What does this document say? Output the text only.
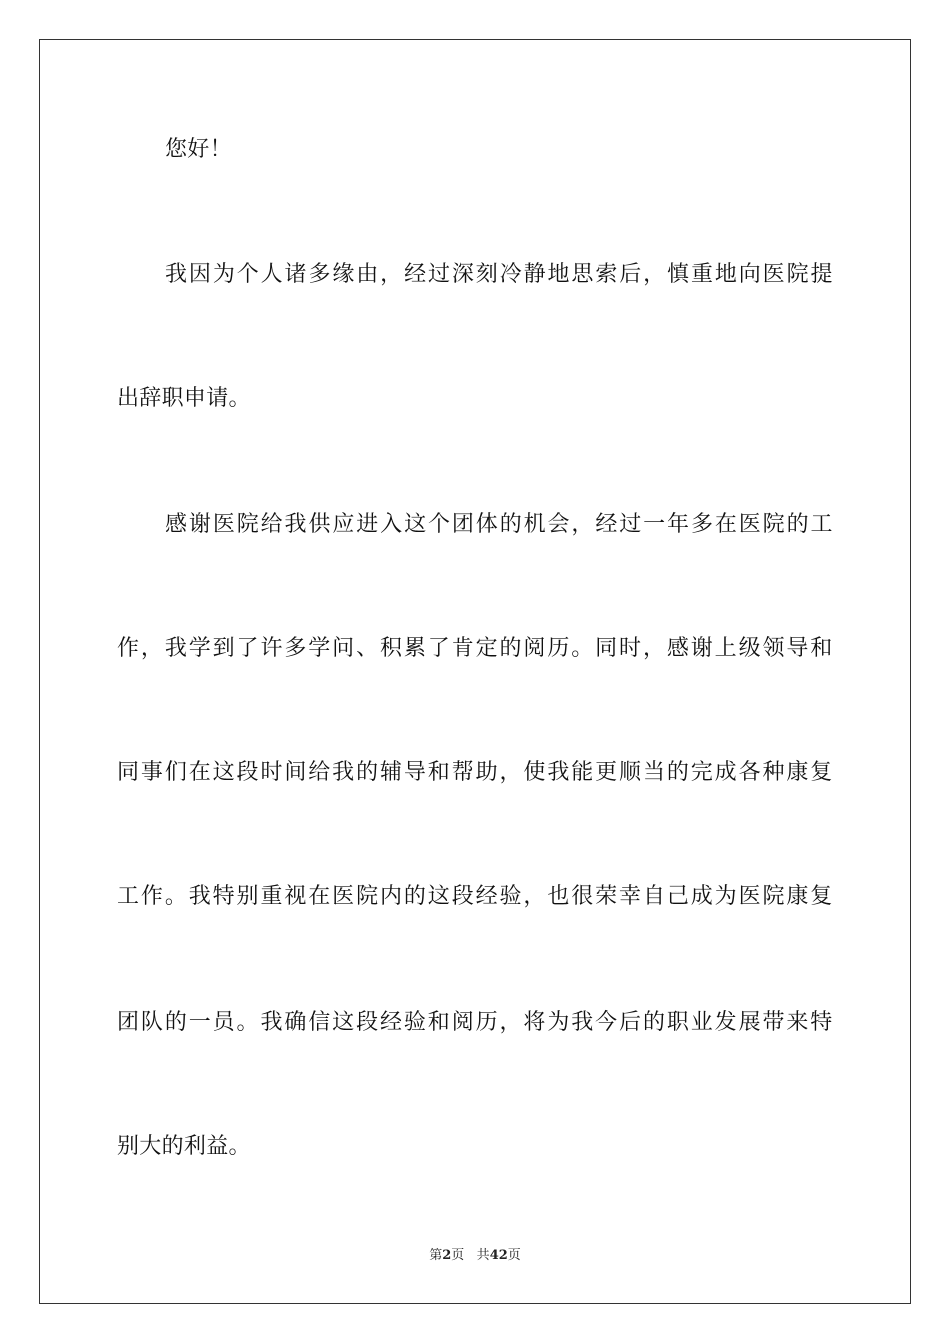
您好！
我 因 为 个 人 诸 多 缘 由 ， 经 过 深 刻 冷 静 地 思 索 后 ， 慎 重 地 向 医 院 提
出辞职申请。
感 谢 医 院 给 我 供 应 进 入 这 个 团 体 的 机 会 ， 经 过 一 年 多 在 医 院 的 工
作 ， 我 学 到 了 许 多 学 问 、 积 累 了 肯 定 的 阅 历 。 同 时 ， 感 谢 上 级 领 导 和
同 事 们 在 这 段 时 间 给 我 的 辅 导 和 帮 助 ， 使 我 能 更 顺 当 的 完 成 各 种 康 复
工 作 。 我 特 别 重 视 在 医 院 内 的 这 段 经 验 ， 也 很 荣 幸 自 己 成 为 医 院 康 复
团 队 的 一 员 。 我 确 信 这 段 经 验 和 阅 历 ， 将 为 我 今 后 的 职 业 发 展 带 来 特
别大的利益。
第2页 共42页
